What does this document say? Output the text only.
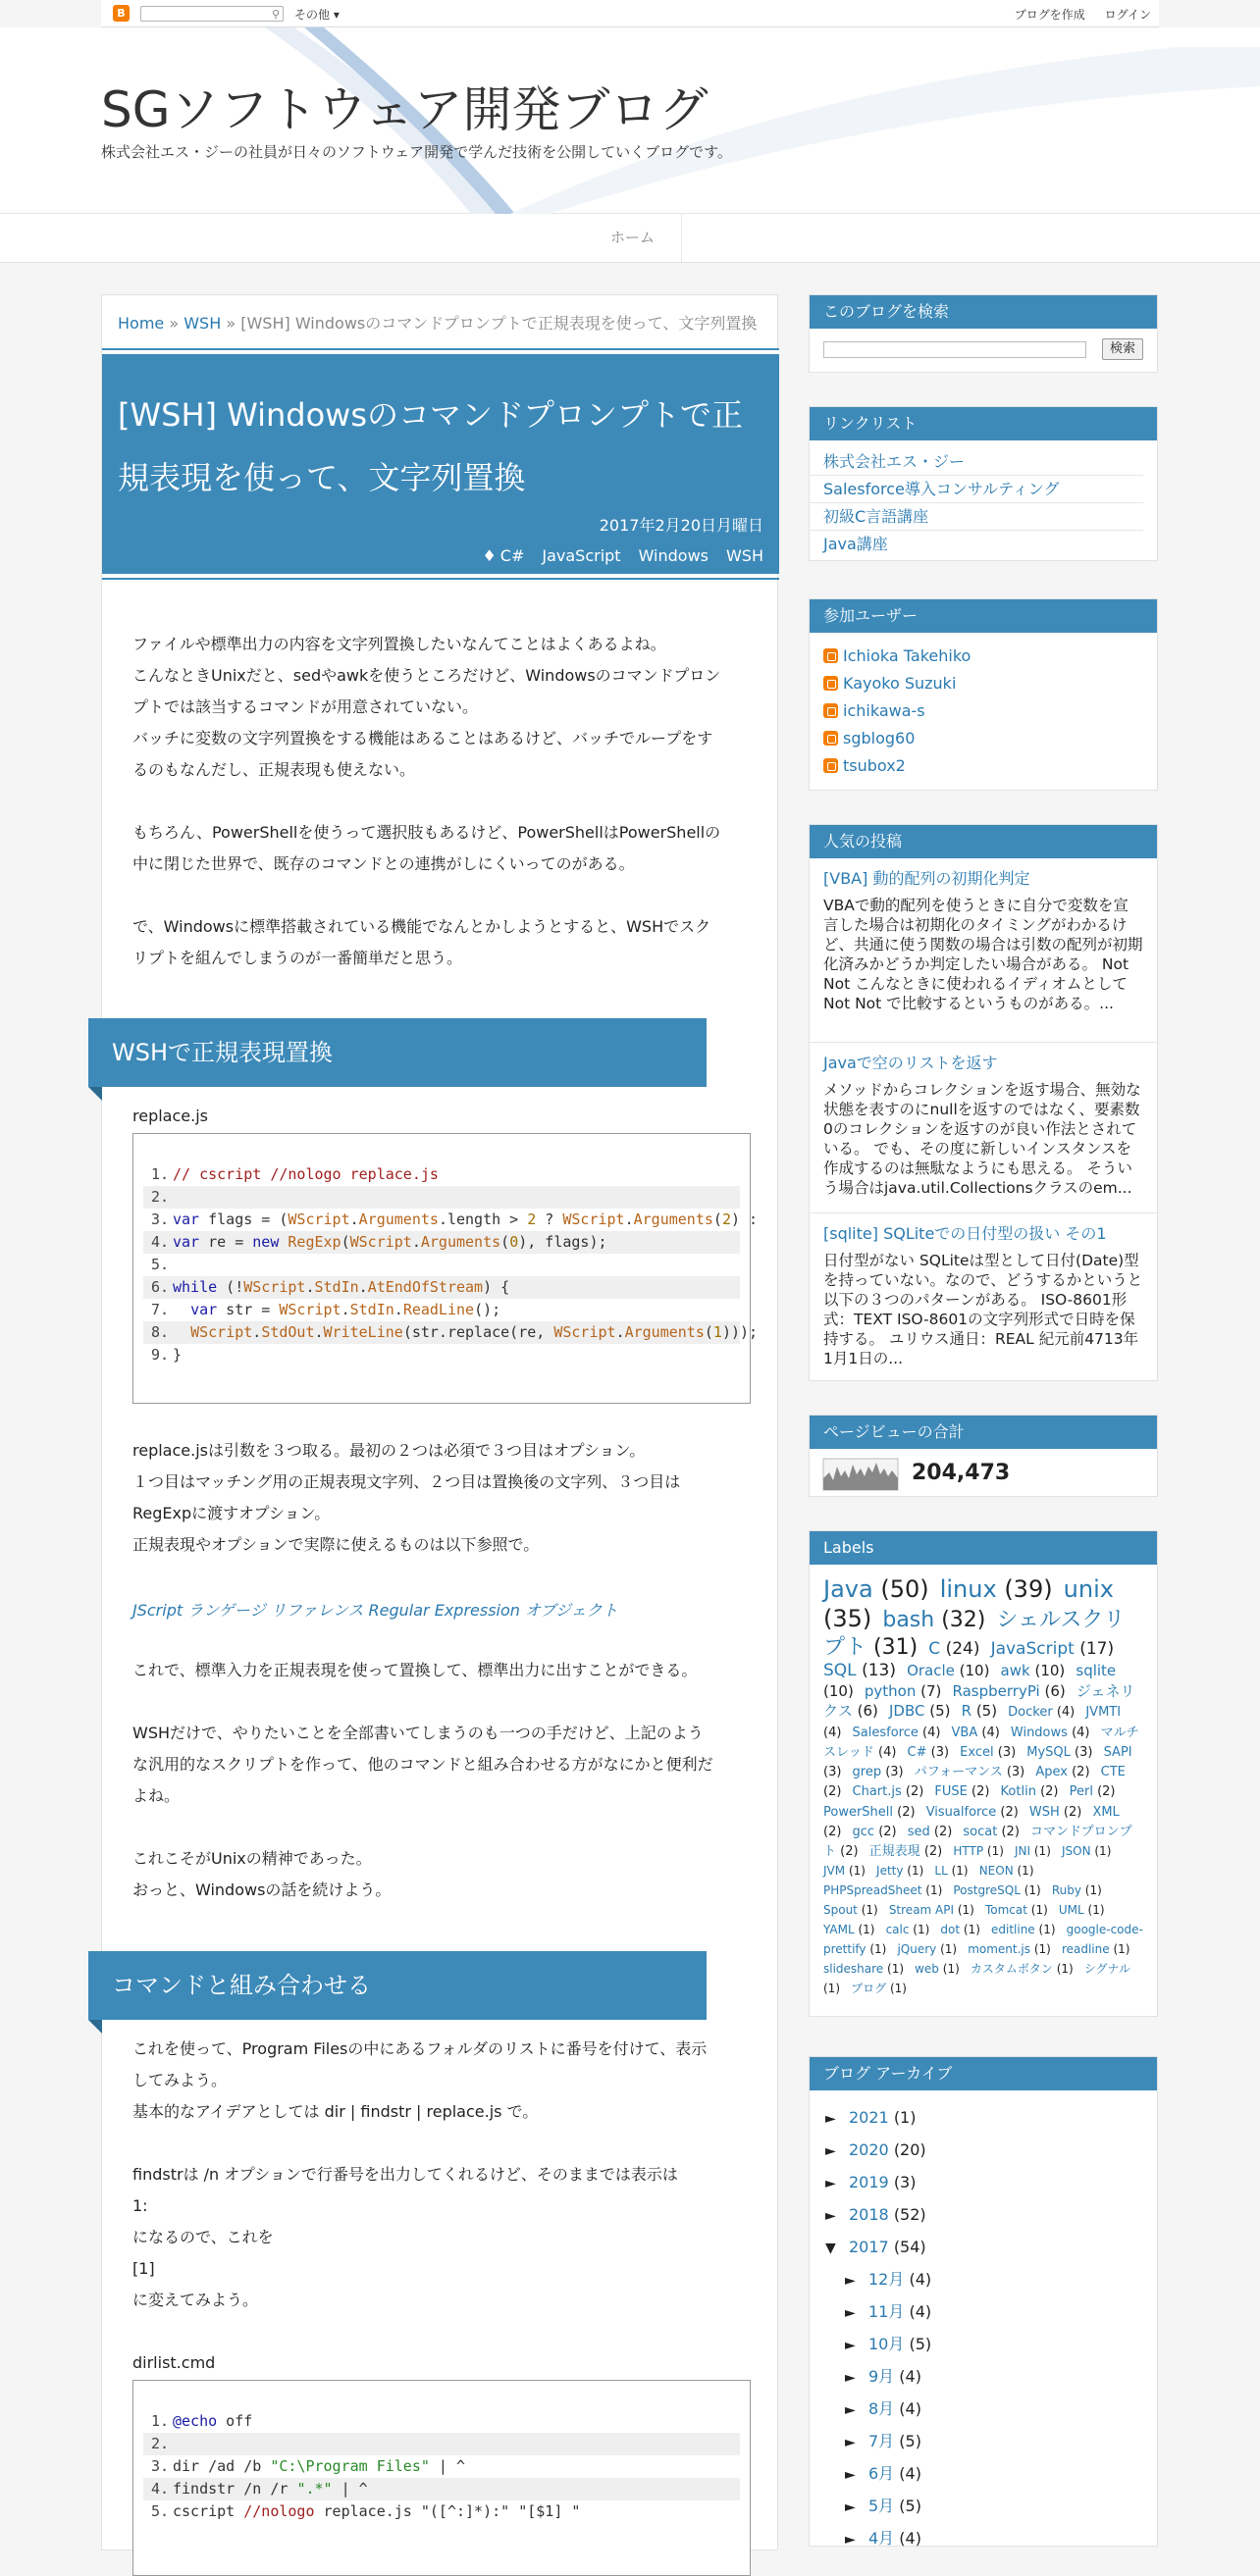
B	⚲ その他 ▾	ブログを作成 ログイン
SGソフトウェア開発ブログ
株式会社エス・ジーの社員が日々のソフトウェア開発で学んだ技術を公開していくブログです。
ホーム
Home » WSH » [WSH] Windowsのコマンドプロンプトで正規表現を使って、文字列置換
[WSH] Windowsのコマンドプロンプトで正規表現を使って、文字列置換
2017年2月20日月曜日
♦ C# JavaScript Windows WSH
ファイルや標準出力の内容を文字列置換したいなんてことはよくあるよね。
こんなときUnixだと、sedやawkを使うところだけど、Windowsのコマンドプロン
プトでは該当するコマンドが用意されていない。
バッチに変数の文字列置換をする機能はあることはあるけど、バッチでループをす
るのもなんだし、正規表現も使えない。
もちろん、PowerShellを使うって選択肢もあるけど、PowerShellはPowerShellの
中に閉じた世界で、既存のコマンドとの連携がしにくいってのがある。
で、Windowsに標準搭載されている機能でなんとかしようとすると、WSHでスク
リプトを組んでしまうのが一番簡単だと思う。
WSHで正規表現置換
replace.js
1. // cscript //nologo replace.js
2.
3. var flags = (WScript.Arguments.length > 2 ? WScript.Arguments(2) :
4. var re = new RegExp(WScript.Arguments(0), flags);
5.
6. while (!WScript.StdIn.AtEndOfStream) {
7. var str = WScript.StdIn.ReadLine();
8. WScript.StdOut.WriteLine(str.replace(re, WScript.Arguments(1)));
9. }
replace.jsは引数を３つ取る。最初の２つは必須で３つ目はオプション。
１つ目はマッチング用の正規表現文字列、２つ目は置換後の文字列、３つ目は
RegExpに渡すオプション。
正規表現やオプションで実際に使えるものは以下参照で。
JScript ランゲージ リファレンス Regular Expression オブジェクト
これで、標準入力を正規表現を使って置換して、標準出力に出すことができる。
WSHだけで、やりたいことを全部書いてしまうのも一つの手だけど、上記のよう
な汎用的なスクリプトを作って、他のコマンドと組み合わせる方がなにかと便利だ
よね。
これこそがUnixの精神であった。
おっと、Windowsの話を続けよう。
コマンドと組み合わせる
これを使って、Program Filesの中にあるフォルダのリストに番号を付けて、表示
してみよう。
基本的なアイデアとしては dir | findstr | replace.js で。
findstrは /n オプションで行番号を出力してくれるけど、そのままでは表示は
1:
になるので、これを
[1]
に変えてみよう。
dirlist.cmd
1. @echo off
2.
3. dir /ad /b "C:\Program Files" | ^
4. findstr /n /r ".*" | ^
5. cscript //nologo replace.js "([^:]*):" "[$1] "
このブログを検索
検索
リンクリスト
株式会社エス・ジー
Salesforce導入コンサルティング
初級C言語講座
Java講座
参加ユーザー
Ichioka Takehiko
Kayoko Suzuki
ichikawa-s
sgblog60
tsubox2
人気の投稿
[VBA] 動的配列の初期化判定
VBAで動的配列を使うときに自分で変数を宣言した場合は初期化のタイミングがわかるけど、共通に使う関数の場合は引数の配列が初期化済みかどうか判定したい場合がある。 Not Not こんなときに使われるイディオムとして Not Not で比較するというものがある。...
Javaで空のリストを返す
メソッドからコレクションを返す場合、無効な状態を表すのにnullを返すのではなく、要素数0のコレクションを返すのが良い作法とされている。 でも、その度に新しいインスタンスを作成するのは無駄なようにも思える。 そういう場合はjava.util.Collectionsクラスのem...
[sqlite] SQLiteでの日付型の扱い その1
日付型がない SQLiteは型として日付(Date)型を持っていない。なので、どうするかというと以下の３つのパターンがある。 ISO-8601形式：TEXT ISO-8601の文字列形式で日時を保持する。 ユリウス通日：REAL 紀元前4713年1月1日の...
ページビューの合計
204,473
Labels
Java (50) linux (39) unix (35) bash (32) シェルスクリプト (31) C (24) JavaScript (17) SQL (13) Oracle (10) awk (10) sqlite (10) python (7) RaspberryPi (6) ジェネリクス (6) JDBC (5) R (5) Docker (4) JVMTI (4) Salesforce (4) VBA (4) Windows (4) マルチスレッド (4) C# (3) Excel (3) MySQL (3) SAPI (3) grep (3) パフォーマンス (3) Apex (2) CTE (2) Chart.js (2) FUSE (2) Kotlin (2) Perl (2) PowerShell (2) Visualforce (2) WSH (2) XML (2) gcc (2) sed (2) socat (2) コマンドプロンプト (2) 正規表現 (2) HTTP (1) JNI (1) JSON (1) JVM (1) Jetty (1) LL (1) NEON (1) PHPSpreadSheet (1) PostgreSQL (1) Ruby (1) Spout (1) Stream API (1) Tomcat (1) UML (1) YAML (1) calc (1) dot (1) editline (1) google-code-prettify (1) jQuery (1) moment.js (1) readline (1) slideshare (1) web (1) カスタムボタン (1) シグナル (1) ブログ (1)
ブログ アーカイブ
► 2021 (1)
► 2020 (20)
► 2019 (3)
► 2018 (52)
▼ 2017 (54)
► 12月 (4)
► 11月 (4)
► 10月 (5)
► 9月 (4)
► 8月 (4)
► 7月 (5)
► 6月 (4)
► 5月 (5)
► 4月 (4)
